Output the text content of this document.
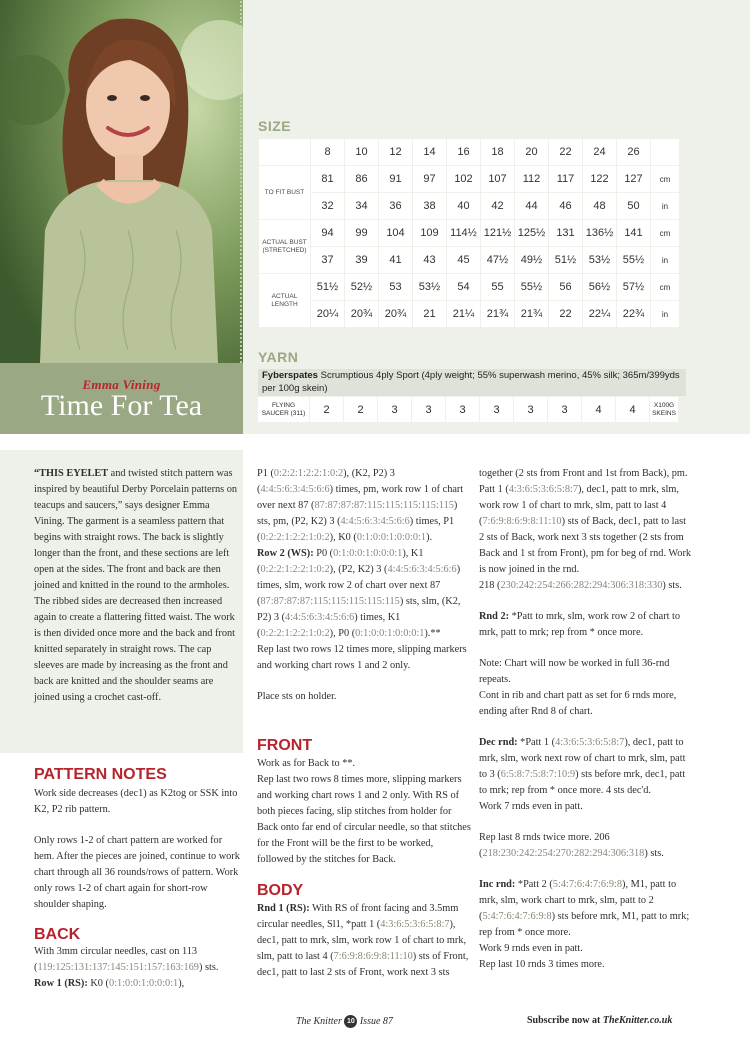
Emma Vining
Time For Tea
SIZE
	8	10	12	14	16	18	20	22	24	26	
TO FIT BUST	81	86	91	97	102	107	112	117	122	127	cm
	32	34	36	38	40	42	44	46	48	50	in
ACTUAL BUST (STRETCHED)	94	99	104	109	114½	121½	125½	131	136½	141	cm
	37	39	41	43	45	47½	49½	51½	53½	55½	in
ACTUAL LENGTH	51½	52½	53	53½	54	55	55½	56	56½	57½	cm
	20¼	20¾	20¾	21	21¼	21¾	21¾	22	22¼	22¾	in
YARN
Fyberspates Scrumptious 4ply Sport (4ply weight; 55% superwash merino, 45% silk; 365m/399yds per 100g skein)
FLYING SAUCER (311)	2	2	3	3	3	3	3	3	4	4	X100G SKEINS

“THIS EYELET and twisted stitch pattern was inspired by beautiful Derby Porcelain patterns on teacups and saucers,” says designer Emma Vining. The garment is a seamless pattern that begins with straight rows. The back is slightly longer than the front, and these sections are left open at the sides. The front and back are then joined and knitted in the round to the armholes. The ribbed sides are decreased then increased again to create a flattering fitted waist. The work is then divided once more and the back and front knitted separately in straight rows. The cap sleeves are made by increasing as the front and back are knitted and the shoulder seams are joined using a crochet cast-off.

PATTERN NOTES

Work side decreases (dec1) as K2tog or SSK into K2, P2 rib pattern.

Only rows 1-2 of chart pattern are worked for hem. After the pieces are joined, continue to work chart through all 36 rounds/rows of pattern. Work only rows 1-2 of chart again for short-row shoulder shaping.

BACK

With 3mm circular needles, cast on 113 (119:125:131:137:145:151:157:163:169) sts.
Row 1 (RS): K0 (0:1:0:0:1:0:0:0:1),

P1 (0:2:2:1:2:2:1:0:2), (K2, P2) 3 (4:4:5:6:3:4:5:6:6) times, pm, work row 1 of chart over next 87 (87:87:87:87:115:115:115:115:115) sts, pm, (P2, K2) 3 (4:4:5:6:3:4:5:6:6) times, P1 (0:2:2:1:2:2:1:0:2), K0 (0:1:0:0:1:0:0:0:1).

Row 2 (WS): P0 (0:1:0:0:1:0:0:0:1), K1 (0:2:2:1:2:2:1:0:2), (P2, K2) 3 (4:4:5:6:3:4:5:6:6) times, slm, work row 2 of chart over next 87 (87:87:87:87:115:115:115:115:115) sts, slm, (K2, P2) 3 (4:4:5:6:3:4:5:6:6) times, K1 (0:2:2:1:2:2:1:0:2), P0 (0:1:0:0:1:0:0:0:1).**

Rep last two rows 12 times more, slipping markers and working chart rows 1 and 2 only.

Place sts on holder.

FRONT

Work as for Back to **.

Rep last two rows 8 times more, slipping markers and working chart rows 1 and 2 only. With RS of both pieces facing, slip stitches from holder for Back onto far end of circular needle, so that stitches for the Front will be the first to be worked, followed by the stitches for Back.

BODY

Rnd 1 (RS): With RS of front facing and 3.5mm circular needles, Sl1, *patt 1 (4:3:6:5:3:6:5:8:7), dec1, patt to mrk, slm, work row 1 of chart to mrk, slm, patt to last 4 (7:6:9:8:6:9:8:11:10) sts of Front, dec1, patt to last 2 sts of Front, work next 3 sts

together (2 sts from Front and 1st from Back), pm. Patt 1 (4:3:6:5:3:6:5:8:7), dec1, patt to mrk, slm, work row 1 of chart to mrk, slm, patt to last 4 (7:6:9:8:6:9:8:11:10) sts of Back, dec1, patt to last 2 sts of Back, work next 3 sts together (2 sts from Back and 1 st from Front), pm for beg of rnd. Work is now joined in the rnd.
218 (230:242:254:266:282:294:306:318:330) sts.

Rnd 2: *Patt to mrk, slm, work row 2 of chart to mrk, patt to mrk; rep from * once more.

Note: Chart will now be worked in full 36-rnd repeats.
Cont in rib and chart patt as set for 6 rnds more, ending after Rnd 8 of chart.

Dec rnd: *Patt 1 (4:3:6:5:3:6:5:8:7), dec1, patt to mrk, slm, work next row of chart to mrk, slm, patt to 3 (6:5:8:7:5:8:7:10:9) sts before mrk, dec1, patt to mrk; rep from * once more. 4 sts dec'd.
Work 7 rnds even in patt.

Rep last 8 rnds twice more. 206 (218:230:242:254:270:282:294:306:318) sts.

Inc rnd: *Patt 2 (5:4:7:6:4:7:6:9:8), M1, patt to mrk, slm, work chart to mrk, slm, patt to 2 (5:4:7:6:4:7:6:9:8) sts before mrk, M1, patt to mrk; rep from * once more.
Work 9 rnds even in patt.
Rep last 10 rnds 3 times more.

The Knitter 10 Issue 87	Subscribe now at TheKnitter.co.uk
